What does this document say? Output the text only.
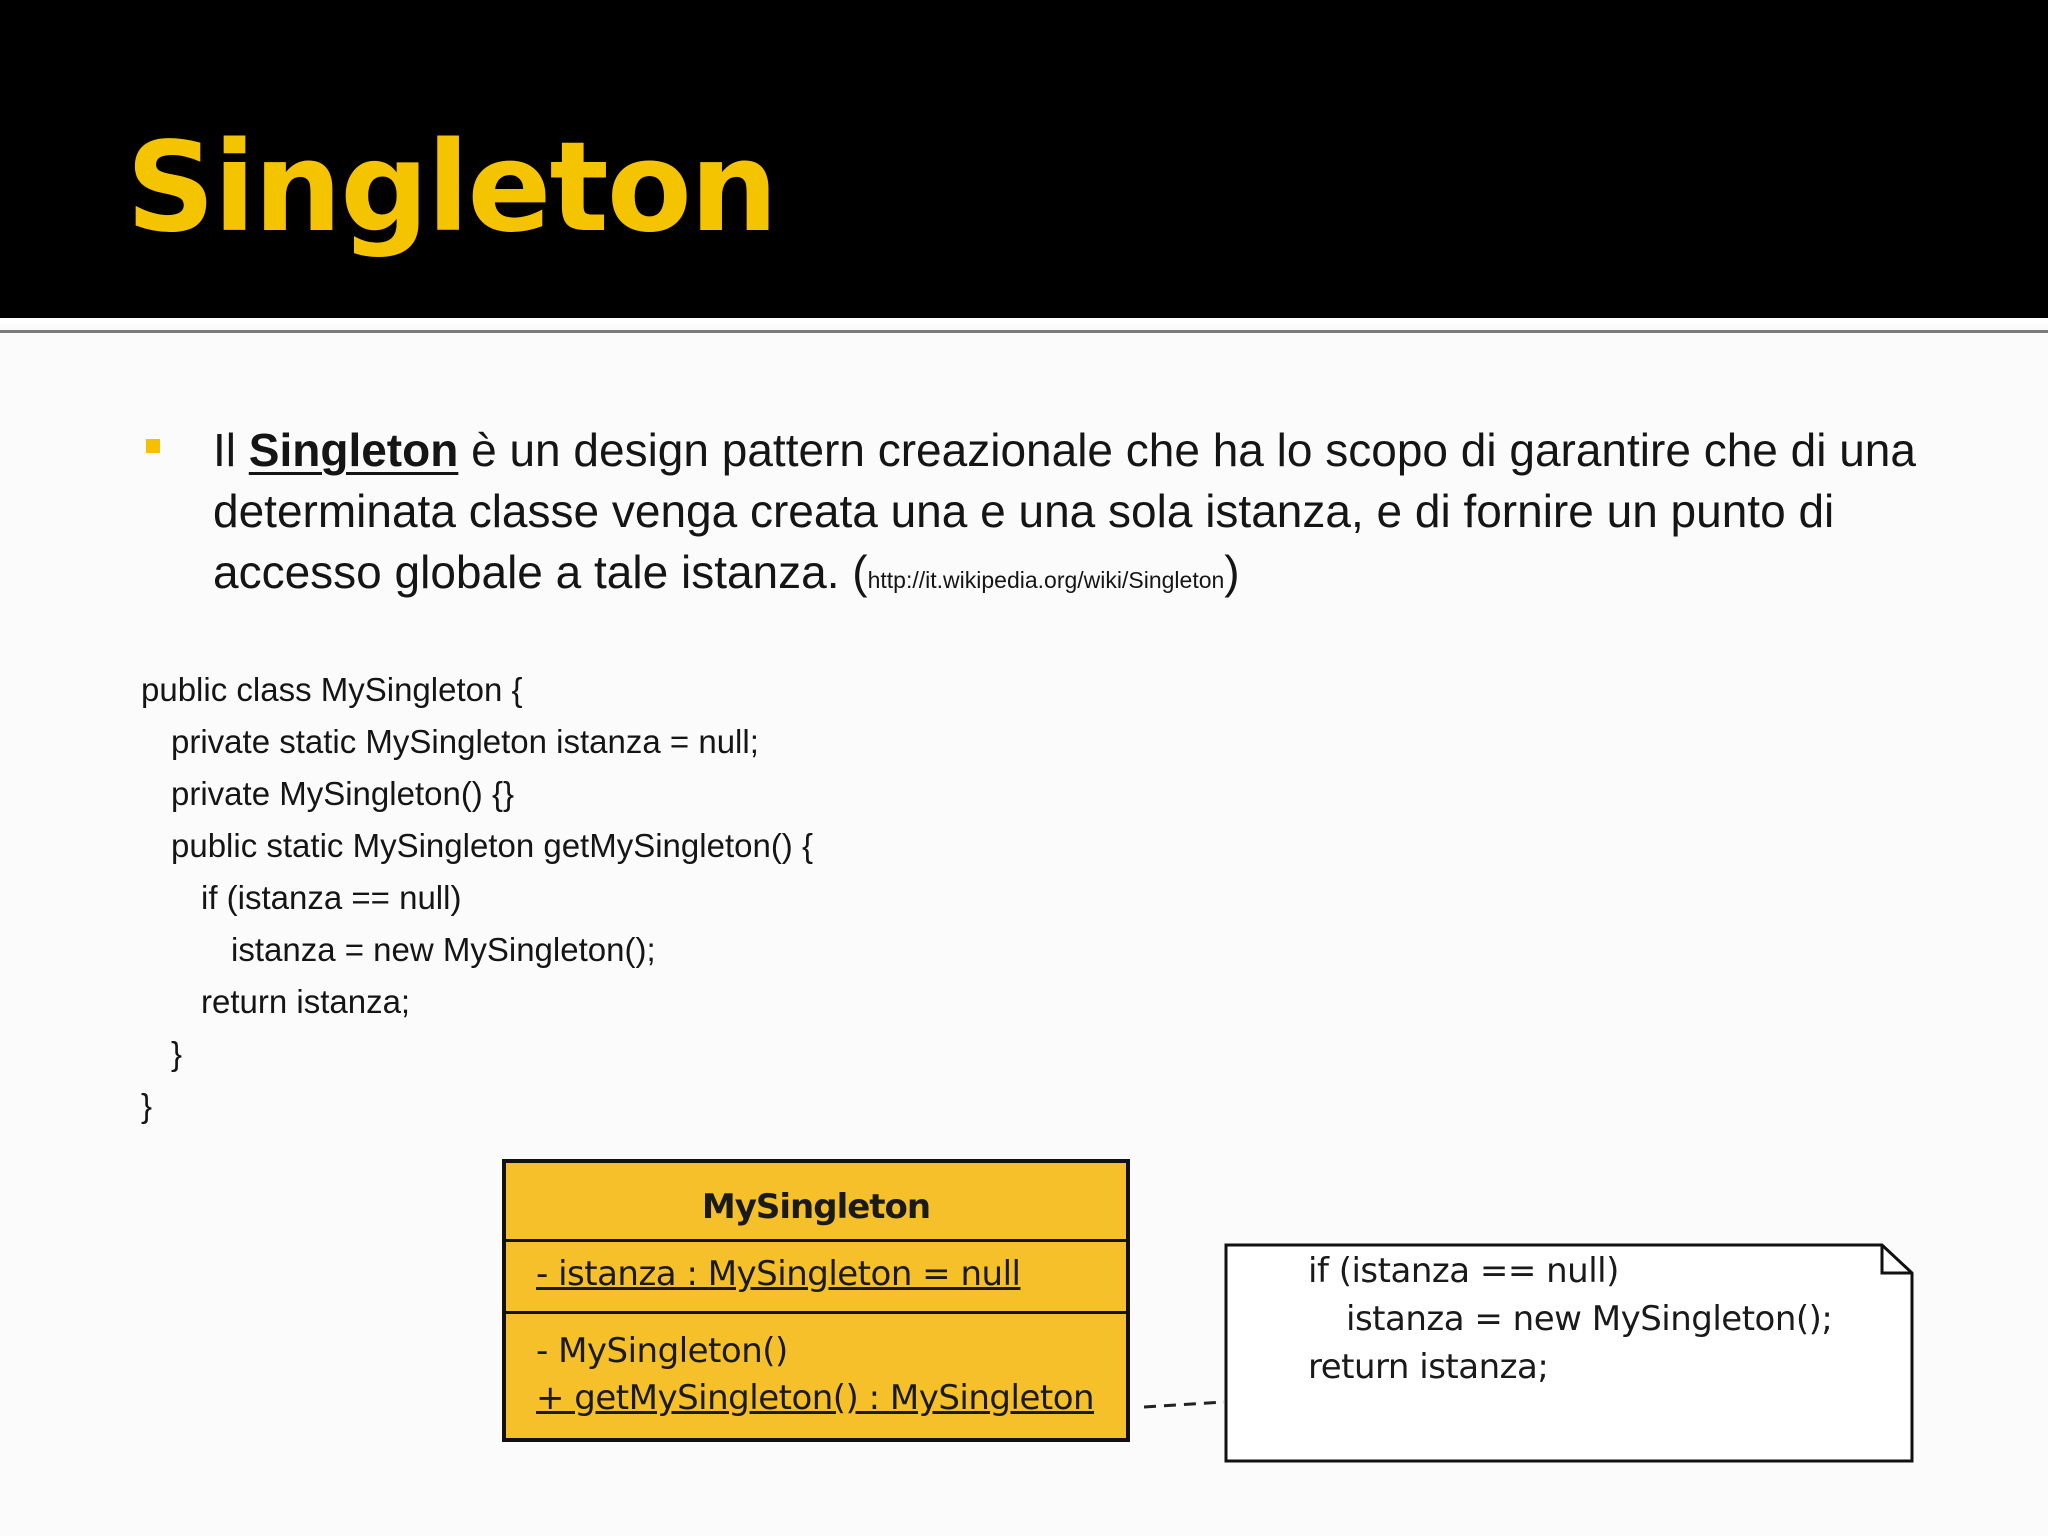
Singleton

Il Singleton è un design pattern creazionale che ha lo scopo di garantire che di una determinata classe venga creata una e una sola istanza, e di fornire un punto di accesso globale a tale istanza. (http://it.wikipedia.org/wiki/Singleton)

public class MySingleton {
private static MySingleton istanza = null;
private MySingleton() {}
public static MySingleton getMySingleton() {
if (istanza == null)
istanza = new MySingleton();
return istanza;
}
}
MySingleton
- istanza : MySingleton = null
- MySingleton()
+ getMySingleton() : MySingleton
if (istanza == null)
istanza = new MySingleton();
return istanza;
